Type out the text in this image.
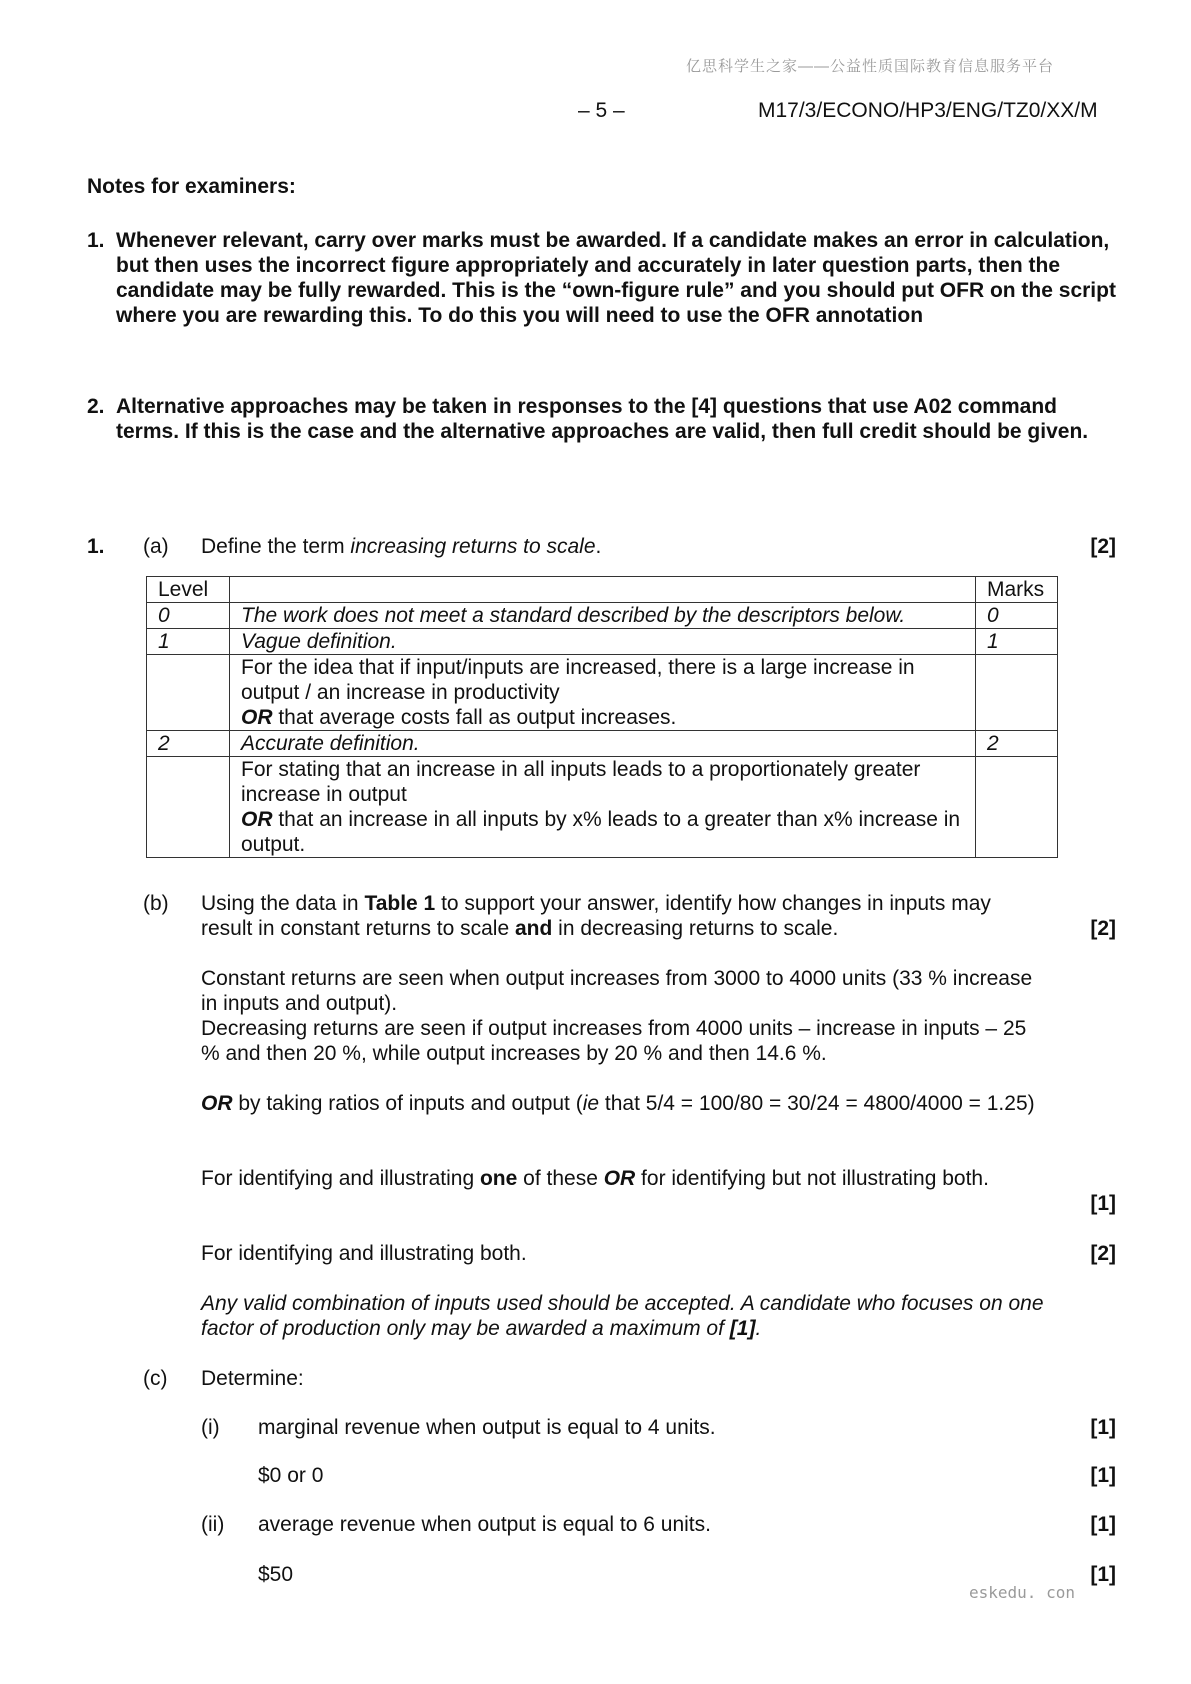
亿思科学生之家——公益性质国际教育信息服务平台
– 5 –	M17/3/ECONO/HP3/ENG/TZ0/XX/M
Notes for examiners:
1. Whenever relevant, carry over marks must be awarded. If a candidate makes an error in calculation, but then uses the incorrect figure appropriately and accurately in later question parts, then the candidate may be fully rewarded. This is the “own-figure rule” and you should put OFR on the script where you are rewarding this. To do this you will need to use the OFR annotation
2. Alternative approaches may be taken in responses to the [4] questions that use A02 command terms. If this is the case and the alternative approaches are valid, then full credit should be given.
1. (a) Define the term increasing returns to scale.	[2]
Level		Marks
0	The work does not meet a standard described by the descriptors below.	0
1	Vague definition.	1
	For the idea that if input/inputs are increased, there is a large increase in output / an increase in productivity
OR that average costs fall as output increases.	
2	Accurate definition.	2
	For stating that an increase in all inputs leads to a proportionately greater increase in output
OR that an increase in all inputs by x% leads to a greater than x% increase in output.	
(b) Using the data in Table 1 to support your answer, identify how changes in inputs may result in constant returns to scale and in decreasing returns to scale.	[2]
Constant returns are seen when output increases from 3000 to 4000 units (33 % increase in inputs and output).
Decreasing returns are seen if output increases from 4000 units – increase in inputs – 25 % and then 20 %, while output increases by 20 % and then 14.6 %.
OR by taking ratios of inputs and output (ie that 5/4 = 100/80 = 30/24 = 4800/4000 = 1.25)
For identifying and illustrating one of these OR for identifying but not illustrating both.
[1]
For identifying and illustrating both.	[2]
Any valid combination of inputs used should be accepted. A candidate who focuses on one factor of production only may be awarded a maximum of [1].
(c) Determine:
(i) marginal revenue when output is equal to 4 units.	[1]
$0 or 0	[1]
(ii) average revenue when output is equal to 6 units.	[1]
$50	[1]
eskedu. con
